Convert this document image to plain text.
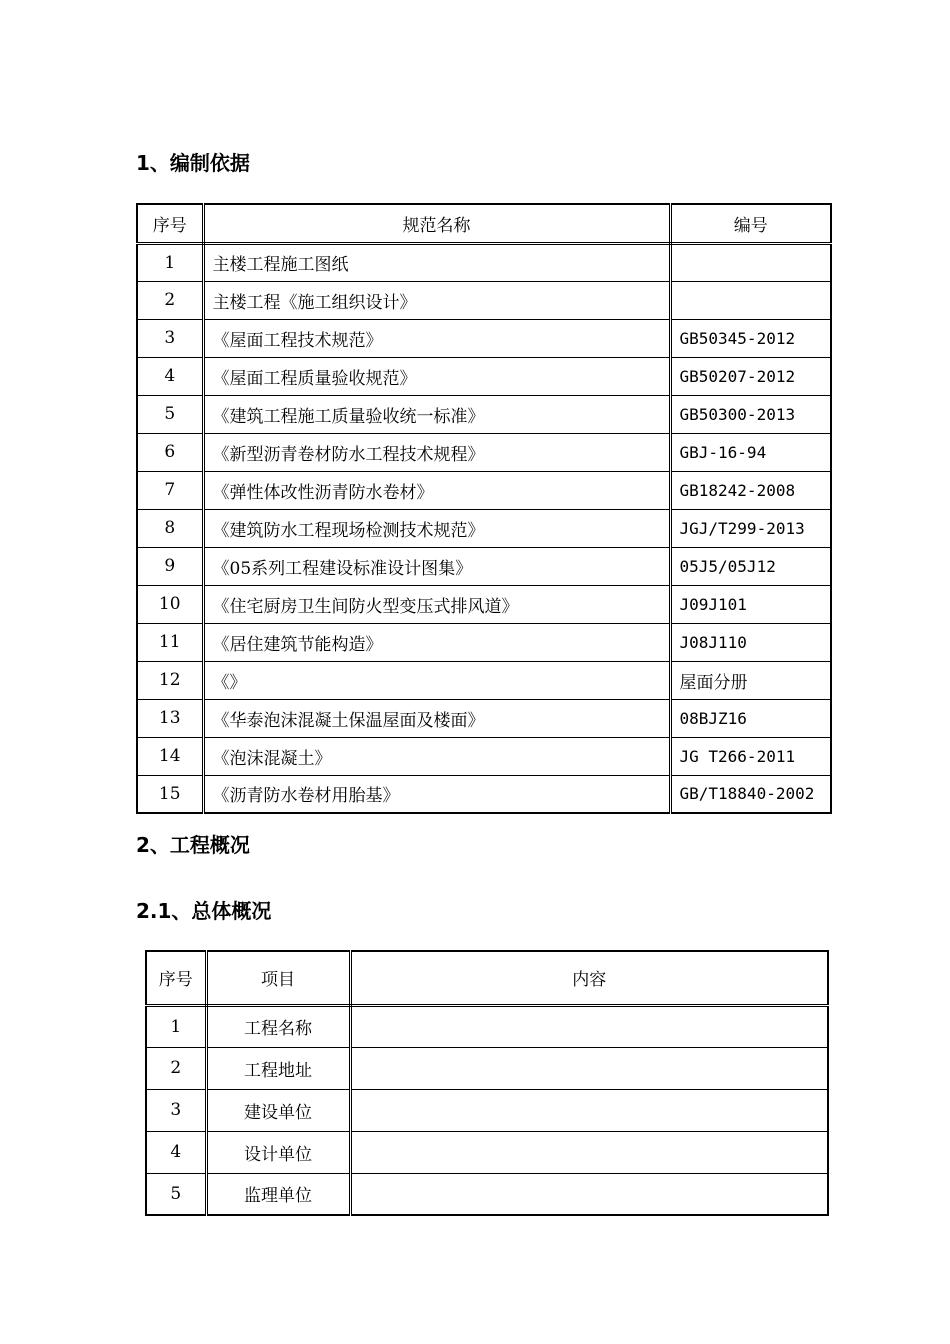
1、编制依据
序号	规范名称	编号
1	主楼工程施工图纸	
2	主楼工程《施工组织设计》	
3	《屋面工程技术规范》	GB50345-2012
4	《屋面工程质量验收规范》	GB50207-2012
5	《建筑工程施工质量验收统一标准》	GB50300-2013
6	《新型沥青卷材防水工程技术规程》	GBJ-16-94
7	《弹性体改性沥青防水卷材》	GB18242-2008
8	《建筑防水工程现场检测技术规范》	JGJ/T299-2013
9	《05系列工程建设标准设计图集》	05J5/05J12
10	《住宅厨房卫生间防火型变压式排风道》	J09J101
11	《居住建筑节能构造》	J08J110
12	《》	屋面分册
13	《华泰泡沫混凝土保温屋面及楼面》	08BJZ16
14	《泡沫混凝土》	JG T266-2011
15	《沥青防水卷材用胎基》	GB/T18840-2002
2、工程概况
2.1、总体概况
序号	项目	内容
1	工程名称	
2	工程地址	
3	建设单位	
4	设计单位	
5	监理单位	
